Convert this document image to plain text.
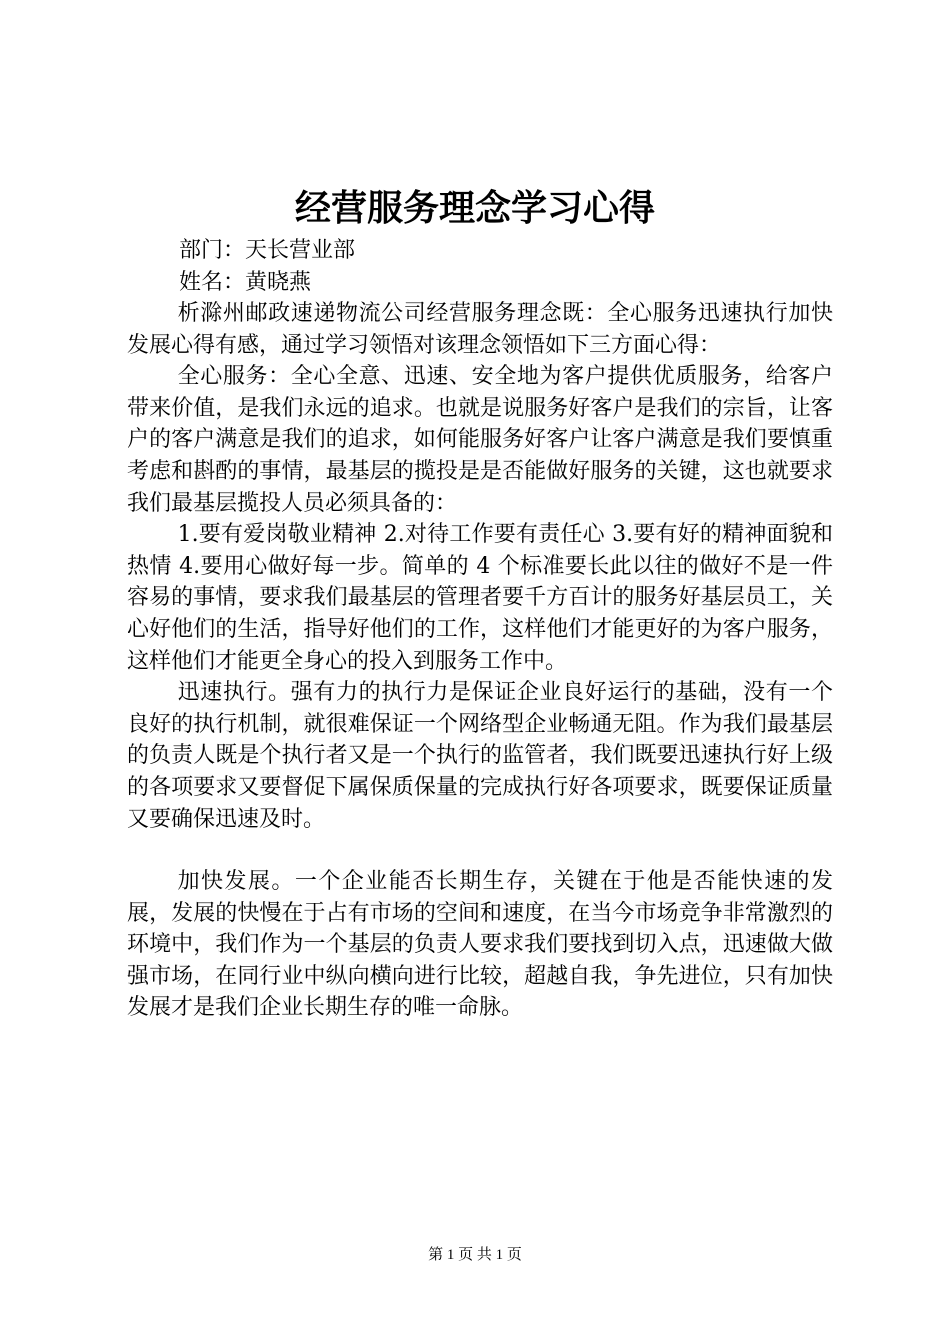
经营服务理念学习心得
部门：天长营业部
姓名：黄晓燕

析滁州邮政速递物流公司经营服务理念既：全心服务迅速执行加快发展心得有感，通过学习领悟对该理念领悟如下三方面心得：

全心服务：全心全意、迅速、安全地为客户提供优质服务，给客户带来价值，是我们永远的追求。也就是说服务好客户是我们的宗旨，让客户的客户满意是我们的追求，如何能服务好客户让客户满意是我们要慎重考虑和斟酌的事情，最基层的揽投是是否能做好服务的关键，这也就要求我们最基层揽投人员必须具备的：

1.要有爱岗敬业精神 2.对待工作要有责任心 3.要有好的精神面貌和热情 4.要用心做好每一步。简单的 4 个标准要长此以往的做好不是一件容易的事情，要求我们最基层的管理者要千方百计的服务好基层员工，关心好他们的生活，指导好他们的工作，这样他们才能更好的为客户服务，这样他们才能更全身心的投入到服务工作中。

迅速执行。强有力的执行力是保证企业良好运行的基础，没有一个良好的执行机制，就很难保证一个网络型企业畅通无阻。作为我们最基层的负责人既是个执行者又是一个执行的监管者，我们既要迅速执行好上级的各项要求又要督促下属保质保量的完成执行好各项要求，既要保证质量又要确保迅速及时。

加快发展。一个企业能否长期生存，关键在于他是否能快速的发展，发展的快慢在于占有市场的空间和速度，在当今市场竞争非常激烈的环境中，我们作为一个基层的负责人要求我们要找到切入点，迅速做大做强市场，在同行业中纵向横向进行比较，超越自我，争先进位，只有加快发展才是我们企业长期生存的唯一命脉。

第 1 页 共 1 页
